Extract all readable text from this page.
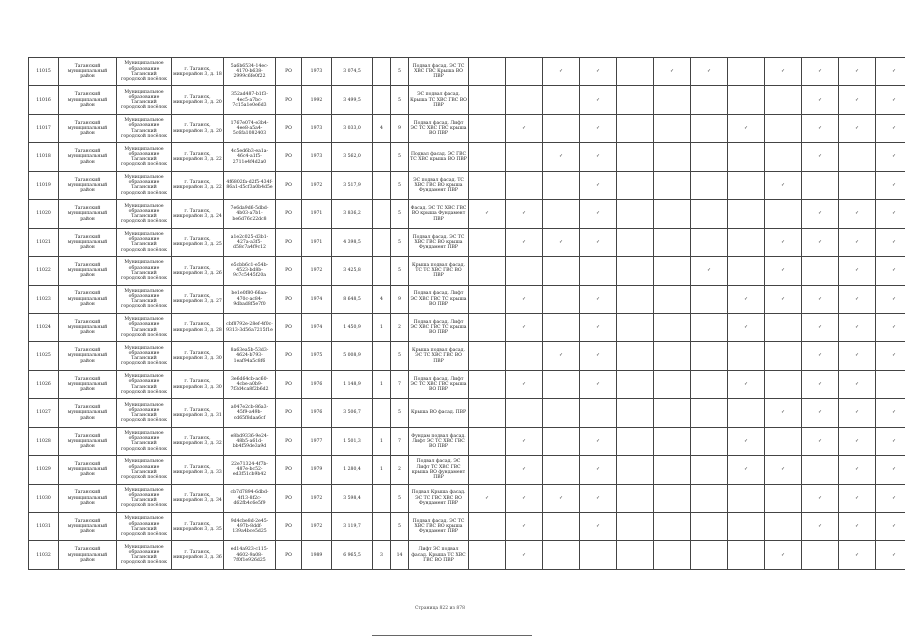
11015	Таганский муниципальный район	Муниципальное образование Таганский городской посёлок	г. Таганск, микрорайон 3, д. 18	5a6b6534-14ec-4170-b638-2999c6fe0f22	РО	1973	3 074,5		5	Подвал фасад. ЭС ТС ХВС ГВС Крыша ВО ПВР			✓	✓		✓	✓		✓	✓	✓	✓
11016	Таганский муниципальный район	Муниципальное образование Таганский городской посёлок	г. Таганск, микрорайон 3, д. 20	352ad487-b1f3-4ec5-a7bc-7c15a1e0e6d3	РО	1992	3 499,5		5	ЭС подвал фасад. Крыша ТС ХВС ГВС ВО ПВР				✓						✓	✓	✓
11017	Таганский муниципальный район	Муниципальное образование Таганский городской посёлок	г. Таганск, микрорайон 3, д. 20	1767e074-e3b4-4ee8-a5a4-5c6fa1082403	РО	1973	3 033,0	4	9	Подвал фасад. Лифт ЭС ТС ХВС ГВС крыша ВО ПВР		✓		✓				✓		✓	✓	✓
11018	Таганский муниципальный район	Муниципальное образование Таганский городской посёлок	г. Таганск, микрорайон 3, д. 22	4c5ed6b3-ea1a-46c4-a1f5-2711e4f4d2a0	РО	1973	3 562,0		5	Подвал фасад. ЭС ГВС ТС ХВС крыша ВО ПВР			✓	✓						✓		✓
11019	Таганский муниципальный район	Муниципальное образование Таганский городской посёлок	г. Таганск, микрорайон 3, д. 22	4f6802fa-d2f5-434f-86a1-d5cf3a0b4d5e	РО	1972	3 517,9		5	ЭС подвал фасад. ТС ХВС ГВС ВО крыша Фундамент ПВР				✓					✓			✓
11020	Таганский муниципальный район	Муниципальное образование Таганский городской посёлок	г. Таганск, микрорайон 3, д. 24	7e6da9d6-5dbd-4b03-a7b1-be6d76c22dc8	РО	1971	3 836,2		5	Фасад. ЭС ТС ХВС ГВС ВО крыша Фундамент ПВР	✓	✓		✓						✓	✓	✓
11021	Таганский муниципальный район	Муниципальное образование Таганский городской посёлок	г. Таганск, микрорайон 3, д. 25	a1e2c025-d3b1-427a-a3f5-d58c7a4f9c12	РО	1971	4 398,5		5	Подвал фасад. ЭС ТС ХВС ГВС ВО крыша Фундамент ПВР		✓	✓	✓					✓	✓	✓	✓
11022	Таганский муниципальный район	Муниципальное образование Таганский городской посёлок	г. Таганск, микрорайон 3, д. 26	e5cbb6c1-e54b-4523-bd8b-9c7c5445f20a	РО	1972	3 425,8		5	Крыша подвал фасад. ТС ТС ХВС ГВС ВО ПВР							✓		✓		✓	✓
11023	Таганский муниципальный район	Муниципальное образование Таганский городской посёлок	г. Таганск, микрорайон 3, д. 27	be1e0f80-66aa-470c-ac84-9dbad8f5e7f0	РО	1974	8 648,5	4	9	Подвал фасад. Лифт ЭС ХВС ГВС ТС крыша ВО ПВР		✓		✓				✓	✓	✓	✓	✓
11024	Таганский муниципальный район	Муниципальное образование Таганский городской посёлок	г. Таганск, микрорайон 3, д. 28	cbf8792e-28ef-4f0c-9313-3d56a7215f1e	РО	1974	1 450,9	1	2	Подвал фасад. Лифт ЭС ХВС ГВС ТС крыша ВО ПВР		✓		✓				✓		✓	✓	✓
11025	Таганский муниципальный район	Муниципальное образование Таганский городской посёлок	г. Таганск, микрорайон 3, д. 30	8a63ea5b-53d3-4624-b793-1eaf94a5c8f6	РО	1975	5 008,9		5	Крыша подвал фасад. ЭС ТС ХВС ГВС ВО ПВР			✓	✓						✓	✓	✓
11026	Таганский муниципальный район	Муниципальное образование Таганский городской посёлок	г. Таганск, микрорайон 3, д. 30	3e6d64cb-ac60-4cbe-a0b9-7f3d4ca8f2b6d2	РО	1976	1 148,9	1	7	Подвал фасад. Лифт ЭС ТС ХВС ГВС крыша ВО ПВР		✓		✓				✓		✓	✓	
11027	Таганский муниципальный район	Муниципальное образование Таганский городской посёлок	г. Таганск, микрорайон 3, д. 31	a047e2cb-86a3-45f9-a49b-cd65f8daa6cf	РО	1976	3 506,7		5	Крыша ВО фасад. ПВР									✓	✓	✓	✓
11028	Таганский муниципальный район	Муниципальное образование Таганский городской посёлок	г. Таганск, микрорайон 3, д. 32	e8bd9336-9e24-48b5-a61d-bb4f59de3a9d	РО	1977	1 501,3	1	7	Фундам подвал фасад. Лифт ЭС ТС ХВС ГВС ВО ПВР		✓		✓				✓		✓	✓	✓
11029	Таганский муниципальный район	Муниципальное образование Таганский городской посёлок	г. Таганск, микрорайон 3, д. 33	22e71324-4f7b-487e-bc52-ed3f51cb9b42	РО	1979	1 280,4	1	2	Подвал фасад. ЭС Лифт ТС ХВС ГВС крыша ВО фундамент ПВР		✓		✓				✓	✓		✓	✓
11030	Таганский муниципальный район	Муниципальное образование Таганский городской посёлок	г. Таганск, микрорайон 3, д. 34	cb7d7894-6dbd-4f13-8f2c-d62fb4c6e5f9	РО	1972	3 598,4		5	Подвал Крыша фасад. ЭС ТС ГВС ХВС ВО Фундамент ПВР	✓	✓	✓	✓						✓	✓	✓
11031	Таганский муниципальный район	Муниципальное образование Таганский городской посёлок	г. Таганск, микрорайон 3, д. 35	9d4cbe8d-2e45-497b-8ddf-139a4bce5d25	РО	1972	3 119,7		5	Подвал фасад. ЭС ТС ХВС ГВС ВО крыша Фундамент ПВР		✓		✓						✓	✓	✓
11032	Таганский муниципальный район	Муниципальное образование Таганский городской посёлок	г. Таганск, микрорайон 3, д. 36	ed14a923-c115-4602-9a08-7f0f1e926d25	РО	1989	6 965,5	3	14	Лифт ЭС подвал фасад. Крыша ТС ХВС ГВС ВО ПВР		✓							✓		✓	✓
Страница 822 из 878
